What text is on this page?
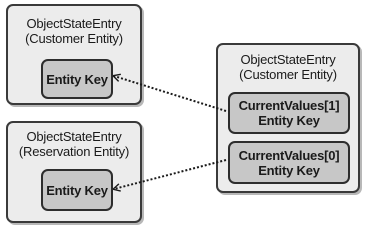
ObjectStateEntry
(Customer Entity)
Entity Key
ObjectStateEntry
(Reservation Entity)
Entity Key
ObjectStateEntry
(Customer Entity)
CurrentValues[1]
Entity Key
CurrentValues[0]
Entity Key
